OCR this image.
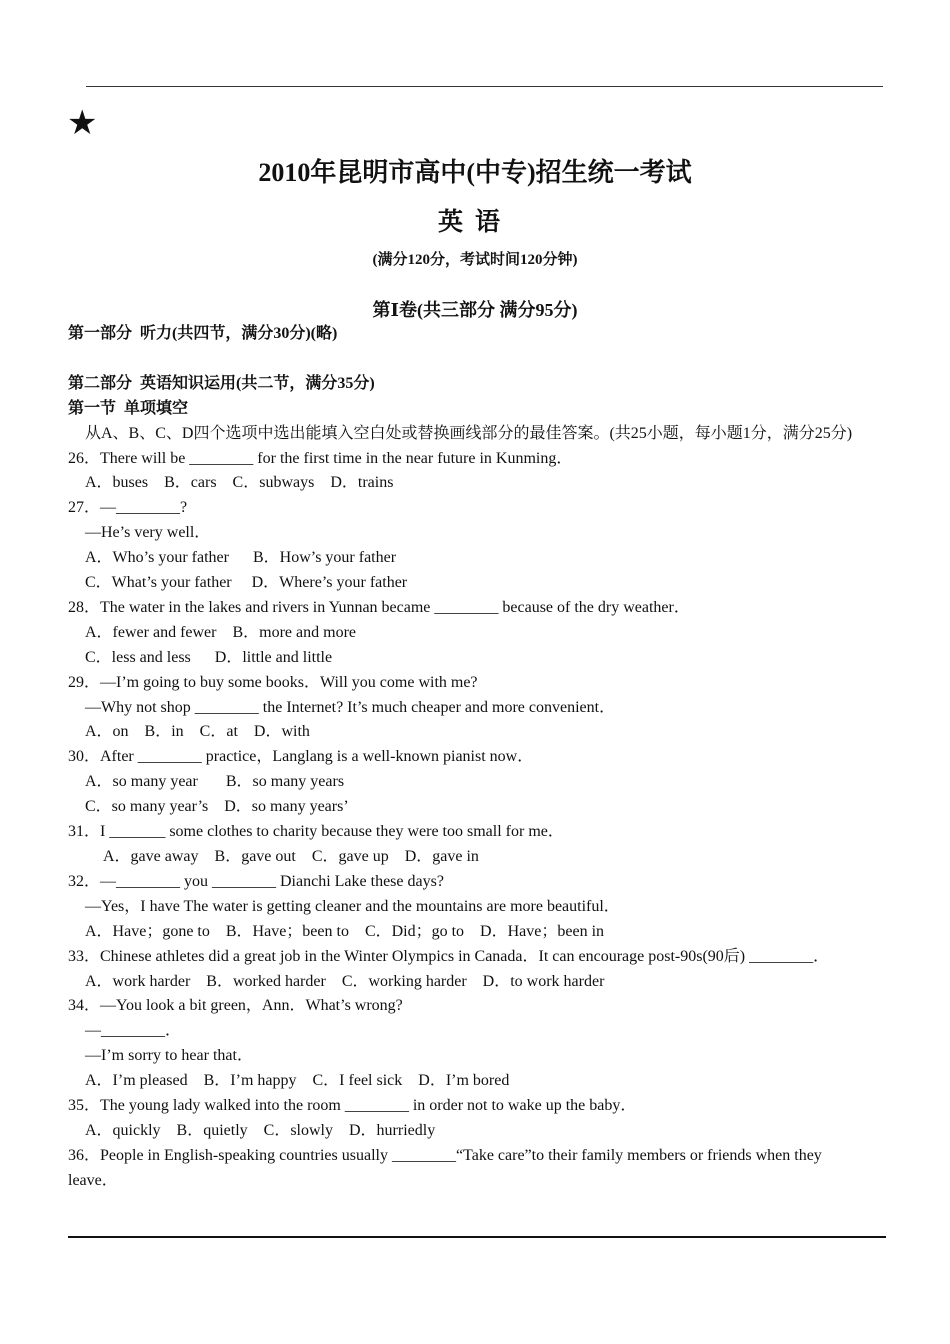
★
2010年昆明市高中(中专)招生统一考试
英语
(满分120分，考试时间120分钟)
第Ⅰ卷(共三部分 满分95分)
第一部分  听力(共四节，满分30分)(略)
第二部分  英语知识运用(共二节，满分35分)
第一节  单项填空
从A、B、C、D四个选项中选出能填入空白处或替换画线部分的最佳答案。(共25小题，每小题1分，满分25分)
26．There will be ________ for the first time in the near future in Kunming．
A．buses    B．cars    C．subways    D．trains
27．—________?
—He’s very well．
A．Who’s your father      B．How’s your father
C．What’s your father     D．Where’s your father
28．The water in the lakes and rivers in Yunnan became ________ because of the dry weather．
A．fewer and fewer    B．more and more
C．less and less      D．little and little
29．—I’m going to buy some books．Will you come with me?
—Why not shop ________ the Internet? It’s much cheaper and more convenient．
A．on    B．in    C．at    D．with
30．After ________ practice，Langlang is a well-known pianist now．
A．so many year       B．so many years
C．so many year’s    D．so many years’
31．I _______ some clothes to charity because they were too small for me．
A．gave away    B．gave out    C．gave up    D．gave in
32．—________ you ________ Dianchi Lake these days?
—Yes，I have The water is getting cleaner and the mountains are more beautiful．
A．Have；gone to    B．Have；been to    C．Did；go to    D．Have；been in
33．Chinese athletes did a great job in the Winter Olympics in Canada．It can encourage post-90s(90后) ________．
A．work harder    B．worked harder    C．working harder    D．to work harder
34．—You look a bit green，Ann．What’s wrong?
—________．
—I’m sorry to hear that．
A．I’m pleased    B．I’m happy    C．I feel sick    D．I’m bored
35．The young lady walked into the room ________ in order not to wake up the baby．
A．quickly    B．quietly    C．slowly    D．hurriedly
36．People in English-speaking countries usually ________“Take care”to their family members or friends when they
leave．
